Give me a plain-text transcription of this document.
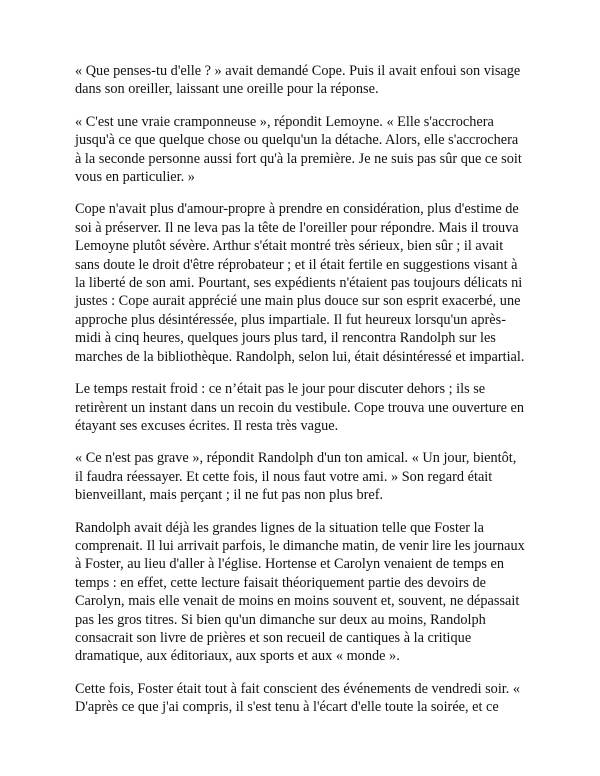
« Que penses-tu d'elle ? » avait demandé Cope. Puis il avait enfoui son visage dans son oreiller, laissant une oreille pour la réponse.

« C'est une vraie cramponneuse », répondit Lemoyne. « Elle s'accrochera jusqu'à ce que quelque chose ou quelqu'un la détache. Alors, elle s'accrochera à la seconde personne aussi fort qu'à la première. Je ne suis pas sûr que ce soit vous en particulier. »

Cope n'avait plus d'amour-propre à prendre en considération, plus d'estime de soi à préserver. Il ne leva pas la tête de l'oreiller pour répondre. Mais il trouva Lemoyne plutôt sévère. Arthur s'était montré très sérieux, bien sûr ; il avait sans doute le droit d'être réprobateur ; et il était fertile en suggestions visant à la liberté de son ami. Pourtant, ses expédients n'étaient pas toujours délicats ni justes : Cope aurait apprécié une main plus douce sur son esprit exacerbé, une approche plus désintéressée, plus impartiale. Il fut heureux lorsqu'un après-midi à cinq heures, quelques jours plus tard, il rencontra Randolph sur les marches de la bibliothèque. Randolph, selon lui, était désintéressé et impartial.

Le temps restait froid : ce n’était pas le jour pour discuter dehors ; ils se retirèrent un instant dans un recoin du vestibule. Cope trouva une ouverture en étayant ses excuses écrites. Il resta très vague.

« Ce n'est pas grave », répondit Randolph d'un ton amical. « Un jour, bientôt, il faudra réessayer. Et cette fois, il nous faut votre ami. » Son regard était bienveillant, mais perçant ; il ne fut pas non plus bref.

Randolph avait déjà les grandes lignes de la situation telle que Foster la comprenait. Il lui arrivait parfois, le dimanche matin, de venir lire les journaux à Foster, au lieu d'aller à l'église. Hortense et Carolyn venaient de temps en temps : en effet, cette lecture faisait théoriquement partie des devoirs de Carolyn, mais elle venait de moins en moins souvent et, souvent, ne dépassait pas les gros titres. Si bien qu'un dimanche sur deux au moins, Randolph consacrait son livre de prières et son recueil de cantiques à la critique dramatique, aux éditoriaux, aux sports et aux « monde ».

Cette fois, Foster était tout à fait conscient des événements de vendredi soir. « D'après ce que j'ai compris, il s'est tenu à l'écart d'elle toute la soirée, et ce
